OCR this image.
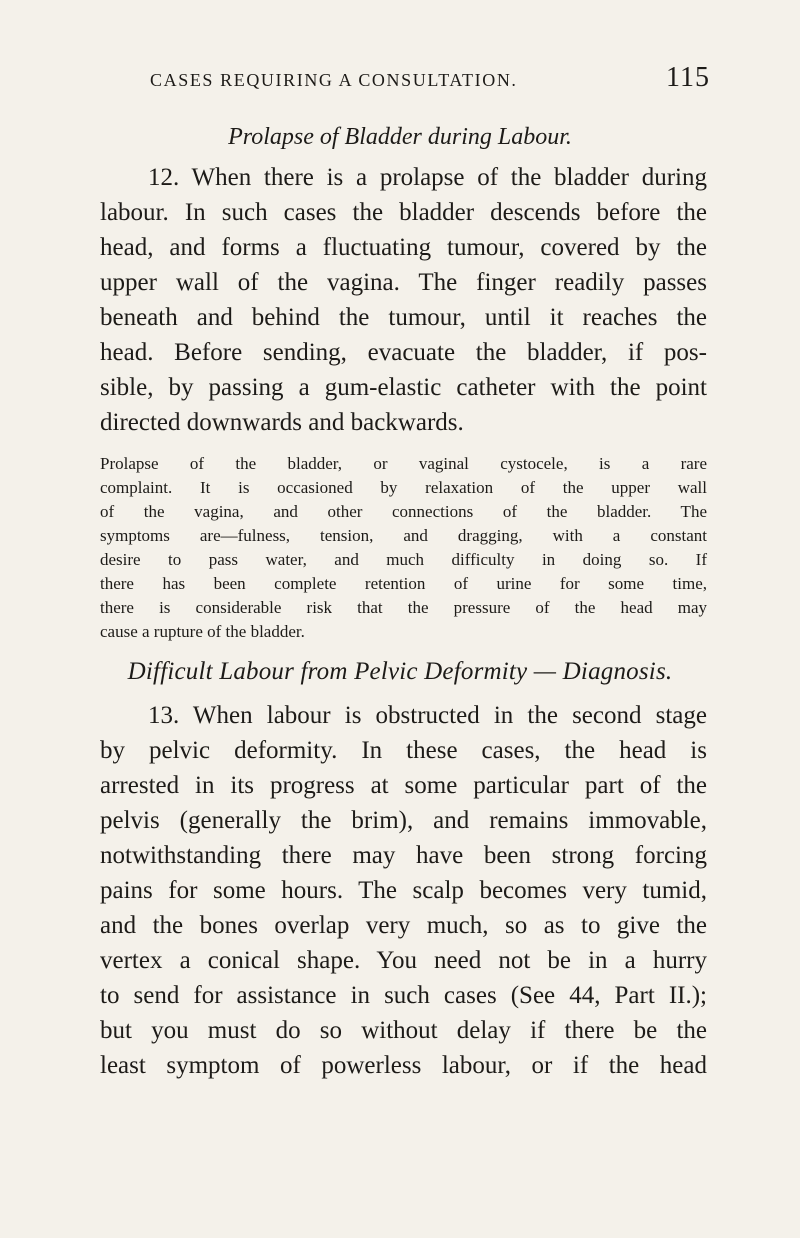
CASES REQUIRING A CONSULTATION.	115
Prolapse of Bladder during Labour.
12. When there is a prolapse of the bladder during
labour. In such cases the bladder descends before the
head, and forms a fluctuating tumour, covered by the
upper wall of the vagina. The finger readily passes
beneath and behind the tumour, until it reaches the
head. Before sending, evacuate the bladder, if pos-
sible, by passing a gum-elastic catheter with the point
directed downwards and backwards.
Prolapse of the bladder, or vaginal cystocele, is a rare
complaint. It is occasioned by relaxation of the upper wall
of the vagina, and other connections of the bladder. The
symptoms are—fulness, tension, and dragging, with a constant
desire to pass water, and much difficulty in doing so. If
there has been complete retention of urine for some time,
there is considerable risk that the pressure of the head may
cause a rupture of the bladder.
Difficult Labour from Pelvic Deformity — Diagnosis.
13. When labour is obstructed in the second stage
by pelvic deformity. In these cases, the head is
arrested in its progress at some particular part of the
pelvis (generally the brim), and remains immovable,
notwithstanding there may have been strong forcing
pains for some hours. The scalp becomes very tumid,
and the bones overlap very much, so as to give the
vertex a conical shape. You need not be in a hurry
to send for assistance in such cases (See 44, Part II.);
but you must do so without delay if there be the
least symptom of powerless labour, or if the head
